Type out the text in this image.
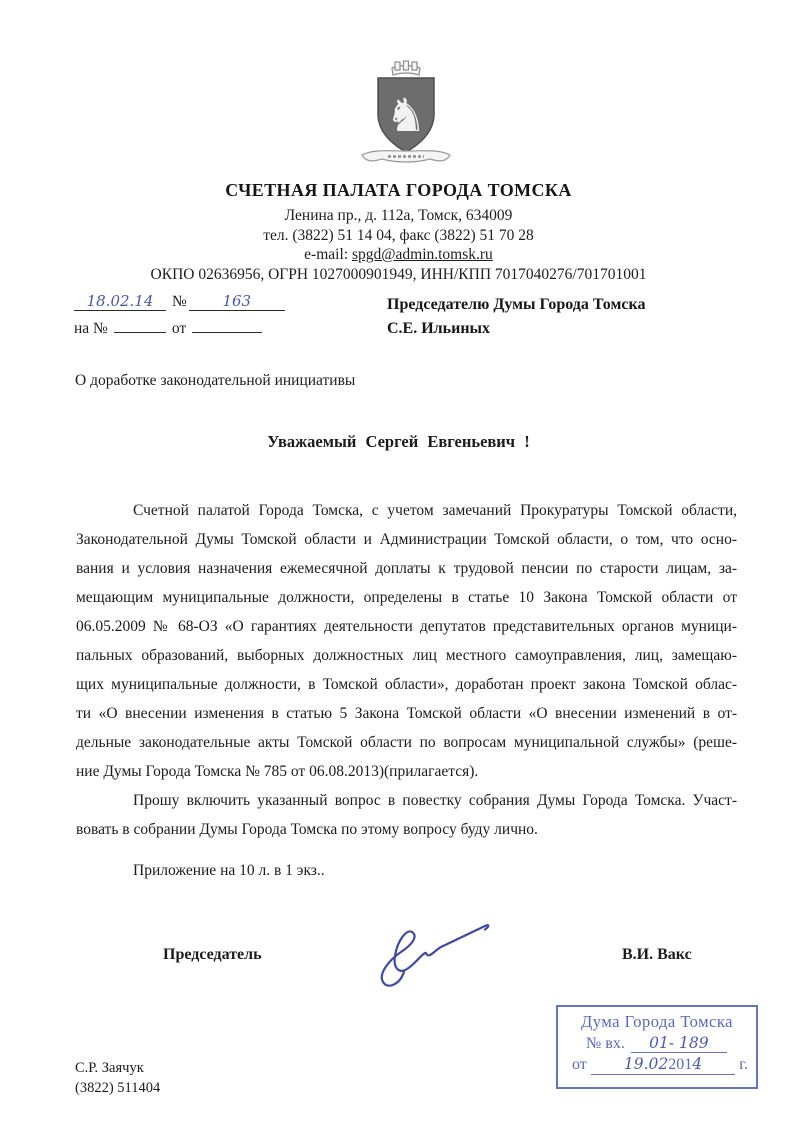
♞
СЧЕТНАЯ ПАЛАТА ГОРОДА ТОМСКА
Ленина пр., д. 112а, Томск, 634009
тел. (3822) 51 14 04, факс (3822) 51 70 28
e-mail: spgd@admin.tomsk.ru
ОКПО 02636956, ОГРН 1027000901949, ИНН/КПП 7017040276/701701001
18.02.14 № 163
на №	от
Председателю Думы Города Томска
С.Е. Ильиных
О доработке законодательной инициативы
Уважаемый Сергей Евгеньевич !
Счетной палатой Города Томска, с учетом замечаний Прокуратуры Томской области,
Законодательной Думы Томской области и Администрации Томской области, о том, что осно-
вания и условия назначения ежемесячной доплаты к трудовой пенсии по старости лицам, за-
мещающим муниципальные должности, определены в статье 10 Закона Томской области от
06.05.2009 № 68-ОЗ «О гарантиях деятельности депутатов представительных органов муници-
пальных образований, выборных должностных лиц местного самоуправления, лиц, замещаю-
щих муниципальные должности, в Томской области», доработан проект закона Томской облас-
ти «О внесении изменения в статью 5 Закона Томской области «О внесении изменений в от-
дельные законодательные акты Томской области по вопросам муниципальной службы» (реше-
ние Думы Города Томска № 785 от 06.08.2013)(прилагается).
Прошу включить указанный вопрос в повестку собрания Думы Города Томска. Участ-
вовать в собрании Думы Города Томска по этому вопросу буду лично.
Приложение на 10 л. в 1 экз..
Председатель	В.И. Вакс
Дума Города Томска
№ вх.	01- 189
от	19.022014	г.
С.Р. Заячук
(3822) 511404
